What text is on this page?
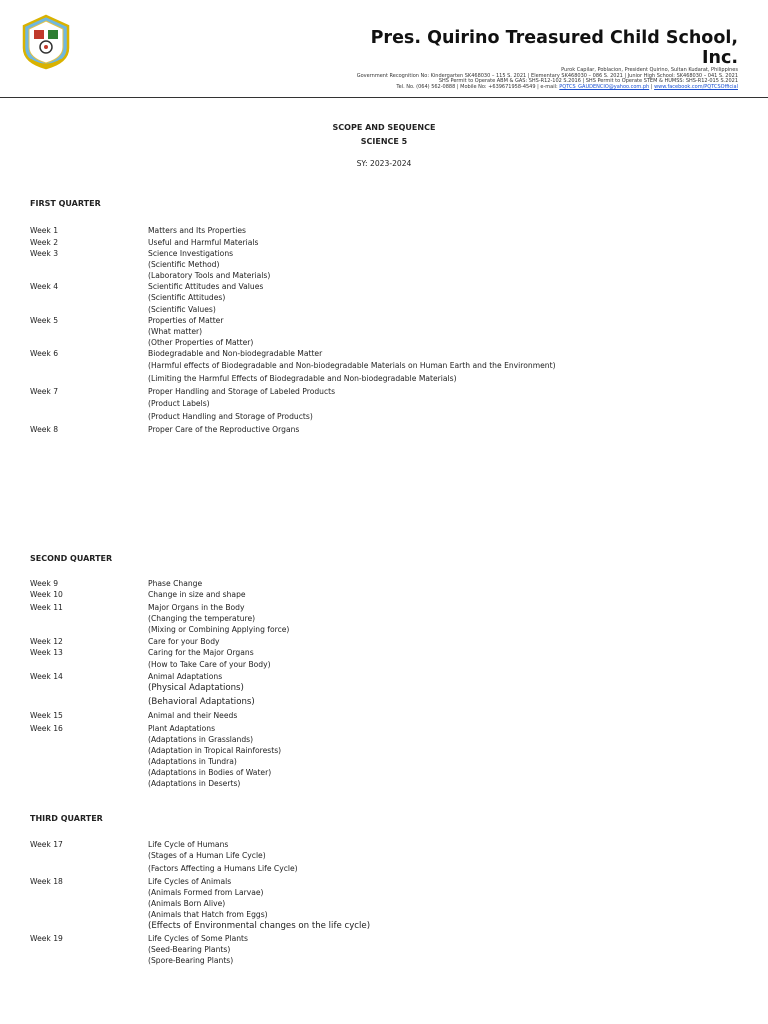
Pres. Quirino Treasured Child School,
Inc.
Purok Capilar, Poblacion, President Quirino, Sultan Kudarat, Philippines
Government Recognition No: Kindergarten SK468030 – 115 S. 2021 | Elementary SK468030 – 086 S. 2021 | Junior High School: SK468030 – 041 S. 2021
SHS Permit to Operate ABM & GAS: SHS-R12-102 S.2016 | SHS Permit to Operate STEM & HUMSS: SHS-R12-015 S.2021
Tel. No. (064) 562-0888 | Mobile No: +639671958-4549 | e-mail: PQTCS_GAUDENCIO@yahoo.com.ph | www.facebook.com/PQTCSOfficial
SCOPE AND SEQUENCE
SCIENCE 5
SY: 2023-2024
FIRST QUARTER
Week 1	Matters and Its Properties
Week 2	Useful and Harmful Materials
Week 3	Science Investigations
(Scientific Method)
(Laboratory Tools and Materials)
Week 4	Scientific Attitudes and Values
(Scientific Attitudes)
(Scientific Values)
Week 5	Properties of Matter
(What matter)
(Other Properties of Matter)
Week 6	Biodegradable and Non-biodegradable Matter
(Harmful effects of Biodegradable and Non-biodegradable Materials on Human Earth and the Environment)
(Limiting the Harmful Effects of Biodegradable and Non-biodegradable Materials)
Week 7	Proper Handling and Storage of Labeled Products
(Product Labels)
(Product Handling and Storage of Products)
Week 8	Proper Care of the Reproductive Organs
SECOND QUARTER
Week 9	Phase Change
Week 10	Change in size and shape
Week 11	Major Organs in the Body
(Changing the temperature)
(Mixing or Combining Applying force)
Week 12	Care for your Body
Week 13	Caring for the Major Organs
(How to Take Care of your Body)
Week 14	Animal Adaptations
(Physical Adaptations)
(Behavioral Adaptations)
Week 15	Animal and their Needs
Week 16	Plant Adaptations
(Adaptations in Grasslands)
(Adaptation in Tropical Rainforests)
(Adaptations in Tundra)
(Adaptations in Bodies of Water)
(Adaptations in Deserts)
THIRD QUARTER
Week 17	Life Cycle of Humans
(Stages of a Human Life Cycle)
(Factors Affecting a Humans Life Cycle)
Week 18	Life Cycles of Animals
(Animals Formed from Larvae)
(Animals Born Alive)
(Animals that Hatch from Eggs)
(Effects of Environmental changes on the life cycle)
Week 19	Life Cycles of Some Plants
(Seed-Bearing Plants)
(Spore-Bearing Plants)
